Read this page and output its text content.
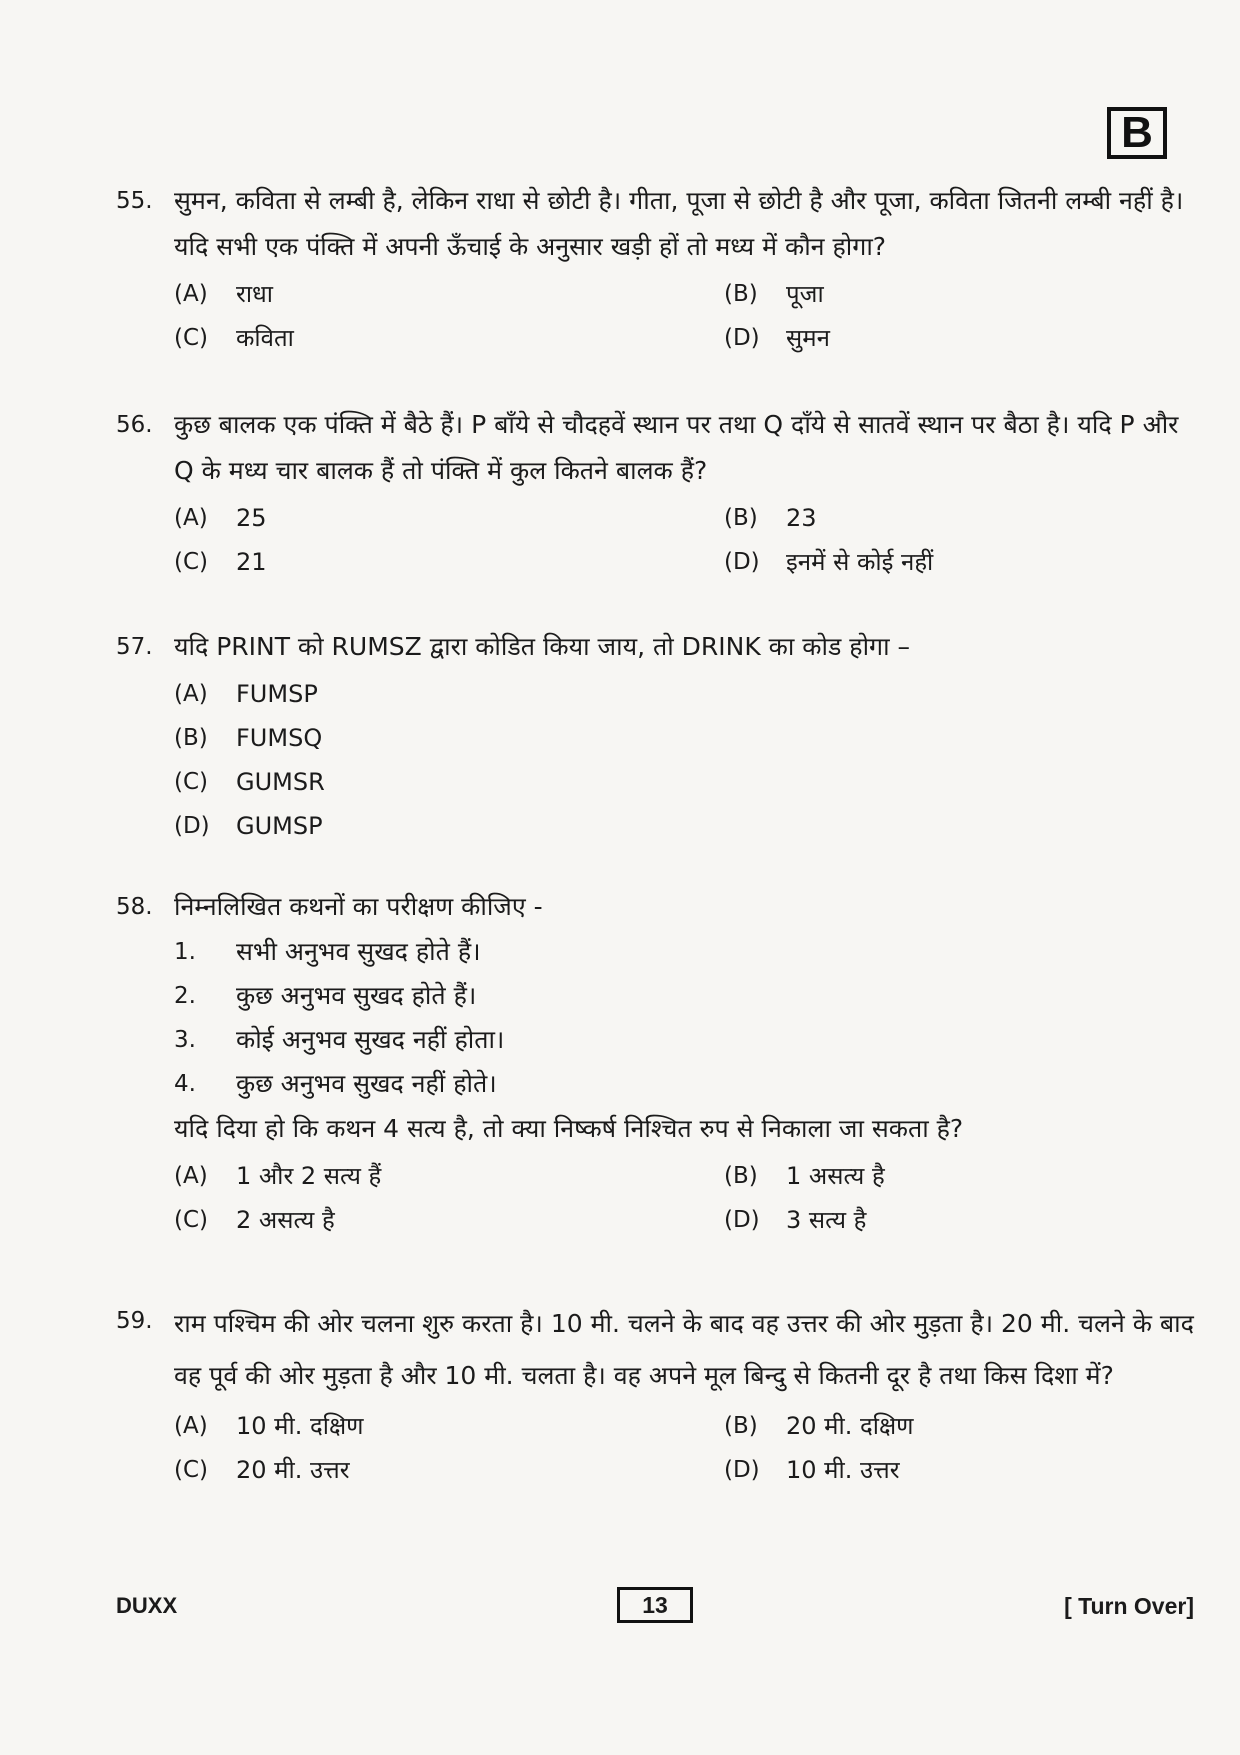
B
55. सुमन, कविता से लम्बी है, लेकिन राधा से छोटी है। गीता, पूजा से छोटी है और पूजा, कविता जितनी लम्बी नहीं है। यदि सभी एक पंक्ति में अपनी ऊँचाई के अनुसार खड़ी हों तो मध्य में कौन होगा?
(A)	राधा	(B)	पूजा
(C)	कविता	(D)	सुमन
56. कुछ बालक एक पंक्ति में बैठे हैं। P बाँये से चौदहवें स्थान पर तथा Q दाँये से सातवें स्थान पर बैठा है। यदि P और Q के मध्य चार बालक हैं तो पंक्ति में कुल कितने बालक हैं?
(A)	25	(B)	23
(C)	21	(D)	इनमें से कोई नहीं
57. यदि PRINT को RUMSZ द्वारा कोडित किया जाय, तो DRINK का कोड होगा –
(A)	FUMSP
(B)	FUMSQ
(C)	GUMSR
(D)	GUMSP
58. निम्नलिखित कथनों का परीक्षण कीजिए -
1.	सभी अनुभव सुखद होते हैं।
2.	कुछ अनुभव सुखद होते हैं।
3.	कोई अनुभव सुखद नहीं होता।
4.	कुछ अनुभव सुखद नहीं होते।
यदि दिया हो कि कथन 4 सत्य है, तो क्या निष्कर्ष निश्चित रुप से निकाला जा सकता है?
(A)	1 और 2 सत्य हैं	(B)	1 असत्य है
(C)	2 असत्य है	(D)	3 सत्य है
59. राम पश्चिम की ओर चलना शुरु करता है। 10 मी. चलने के बाद वह उत्तर की ओर मुड़ता है। 20 मी. चलने के बाद वह पूर्व की ओर मुड़ता है और 10 मी. चलता है। वह अपने मूल बिन्दु से कितनी दूर है तथा किस दिशा में?
(A)	10 मी. दक्षिण	(B)	20 मी. दक्षिण
(C)	20 मी. उत्तर	(D)	10 मी. उत्तर
DUXX	13	[ Turn Over]
